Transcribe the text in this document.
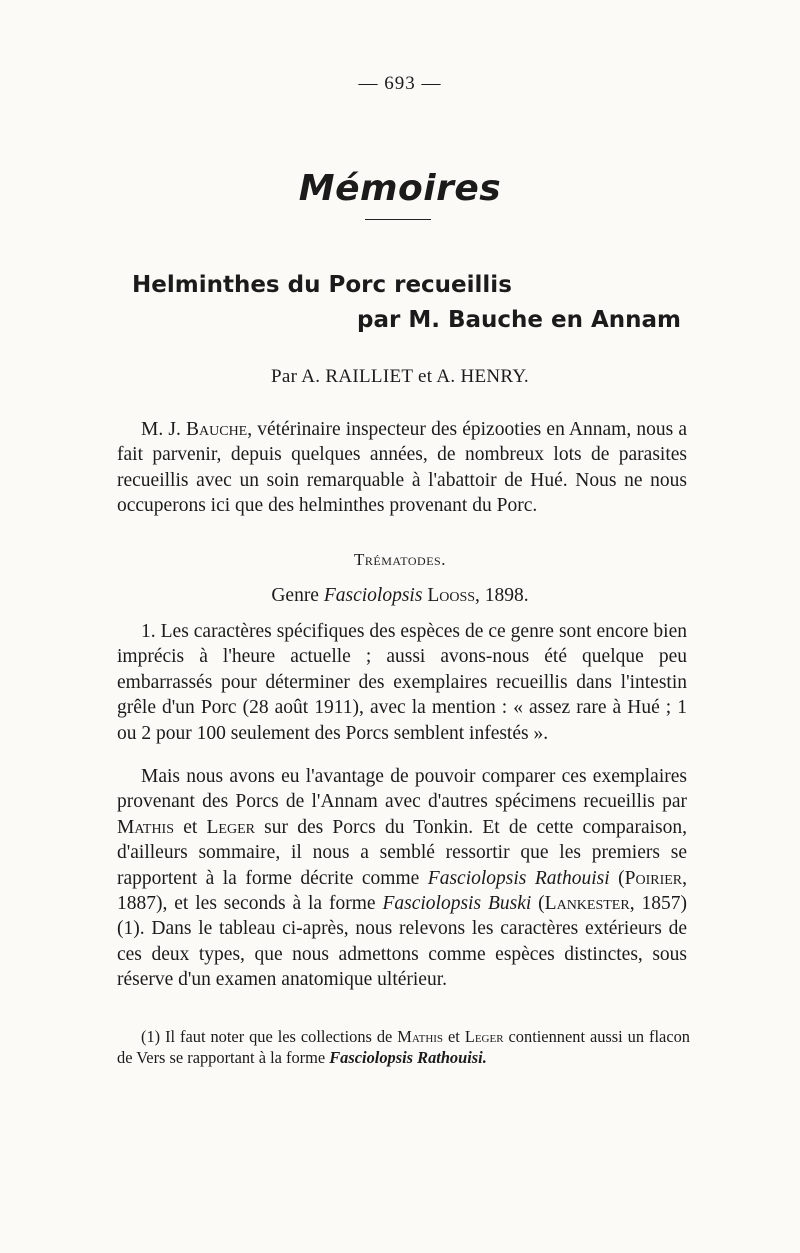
— 693 —
Mémoires
Helminthes du Porc recueillis
par M. Bauche en Annam
Par A. RAILLIET et A. HENRY.
M. J. Bauche, vétérinaire inspecteur des épizooties en Annam, nous a fait parvenir, depuis quelques années, de nombreux lots de parasites recueillis avec un soin remarquable à l'abattoir de Hué. Nous ne nous occuperons ici que des helminthes provenant du Porc.
Trématodes.
Genre Fasciolopsis Looss, 1898.
1. Les caractères spécifiques des espèces de ce genre sont encore bien imprécis à l'heure actuelle ; aussi avons-nous été quelque peu embarrassés pour déterminer des exemplaires recueillis dans l'intestin grêle d'un Porc (28 août 1911), avec la mention : « assez rare à Hué ; 1 ou 2 pour 100 seulement des Porcs semblent infestés ».
Mais nous avons eu l'avantage de pouvoir comparer ces exemplaires provenant des Porcs de l'Annam avec d'autres spécimens recueillis par Mathis et Leger sur des Porcs du Tonkin. Et de cette comparaison, d'ailleurs sommaire, il nous a semblé ressortir que les premiers se rapportent à la forme décrite comme Fasciolopsis Rathouisi (Poirier, 1887), et les seconds à la forme Fasciolopsis Buski (Lankester, 1857) (1). Dans le tableau ci-après, nous relevons les caractères extérieurs de ces deux types, que nous admettons comme espèces distinctes, sous réserve d'un examen anatomique ultérieur.
(1) Il faut noter que les collections de Mathis et Leger contiennent aussi un flacon de Vers se rapportant à la forme Fasciolopsis Rathouisi.
